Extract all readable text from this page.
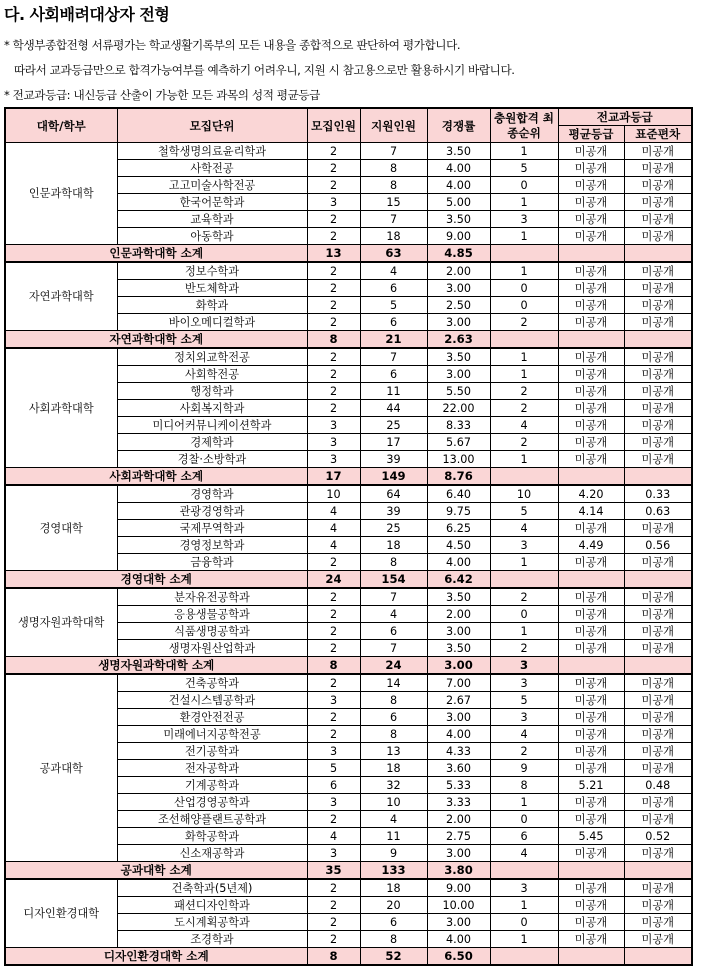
다. 사회배려대상자 전형
* 학생부종합전형 서류평가는 학교생활기록부의 모든 내용을 종합적으로 판단하여 평가합니다.
따라서 교과등급만으로 합격가능여부를 예측하기 어려우니, 지원 시 참고용으로만 활용하시기 바랍니다.
* 전교과등급: 내신등급 산출이 가능한 모든 과목의 성적 평균등급
대학/학부	모집단위	모집인원	지원인원	경쟁률	충원합격 최종순위	전교과등급	
						평균등급	표준편차
인문과학대학	철학생명의료윤리학과	2	7	3.50	1	미공개	미공개
	사학전공	2	8	4.00	5	미공개	미공개
	고고미술사학전공	2	8	4.00	0	미공개	미공개
	한국어문학과	3	15	5.00	1	미공개	미공개
	교육학과	2	7	3.50	3	미공개	미공개
	아동학과	2	18	9.00	1	미공개	미공개
인문과학대학 소계		13	63	4.85			
자연과학대학	정보수학과	2	4	2.00	1	미공개	미공개
	반도체학과	2	6	3.00	0	미공개	미공개
	화학과	2	5	2.50	0	미공개	미공개
	바이오메디컬학과	2	6	3.00	2	미공개	미공개
자연과학대학 소계		8	21	2.63			
사회과학대학	정치외교학전공	2	7	3.50	1	미공개	미공개
	사회학전공	2	6	3.00	1	미공개	미공개
	행정학과	2	11	5.50	2	미공개	미공개
	사회복지학과	2	44	22.00	2	미공개	미공개
	미디어커뮤니케이션학과	3	25	8.33	4	미공개	미공개
	경제학과	3	17	5.67	2	미공개	미공개
	경찰·소방학과	3	39	13.00	1	미공개	미공개
사회과학대학 소계		17	149	8.76			
경영대학	경영학과	10	64	6.40	10	4.20	0.33
	관광경영학과	4	39	9.75	5	4.14	0.63
	국제무역학과	4	25	6.25	4	미공개	미공개
	경영정보학과	4	18	4.50	3	4.49	0.56
	금융학과	2	8	4.00	1	미공개	미공개
경영대학 소계		24	154	6.42			
생명자원과학대학	분자유전공학과	2	7	3.50	2	미공개	미공개
	응용생물공학과	2	4	2.00	0	미공개	미공개
	식품생명공학과	2	6	3.00	1	미공개	미공개
	생명자원산업학과	2	7	3.50	2	미공개	미공개
생명자원과학대학 소계		8	24	3.00	3		
공과대학	건축공학과	2	14	7.00	3	미공개	미공개
	건설시스템공학과	3	8	2.67	5	미공개	미공개
	환경안전전공	2	6	3.00	3	미공개	미공개
	미래에너지공학전공	2	8	4.00	4	미공개	미공개
	전기공학과	3	13	4.33	2	미공개	미공개
	전자공학과	5	18	3.60	9	미공개	미공개
	기계공학과	6	32	5.33	8	5.21	0.48
	산업경영공학과	3	10	3.33	1	미공개	미공개
	조선해양플랜트공학과	2	4	2.00	0	미공개	미공개
	화학공학과	4	11	2.75	6	5.45	0.52
	신소재공학과	3	9	3.00	4	미공개	미공개
공과대학 소계		35	133	3.80			
디자인환경대학	건축학과(5년제)	2	18	9.00	3	미공개	미공개
	패션디자인학과	2	20	10.00	1	미공개	미공개
	도시계획공학과	2	6	3.00	0	미공개	미공개
	조경학과	2	8	4.00	1	미공개	미공개
디자인환경대학 소계		8	52	6.50			
